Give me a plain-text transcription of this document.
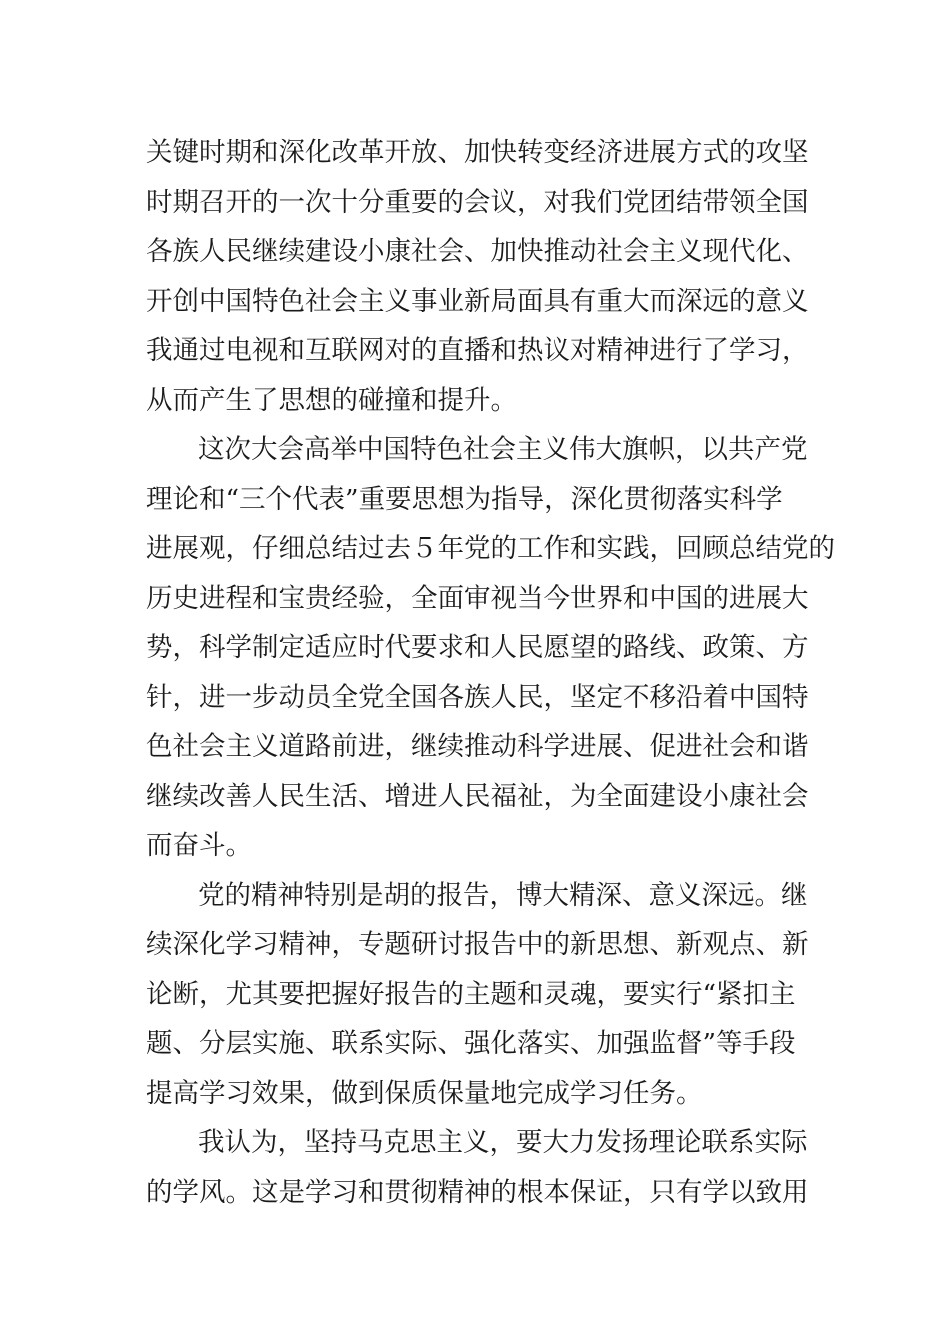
关键时期和深化改革开放、加快转变经济进展方式的攻坚
时期召开的一次十分重要的会议，对我们党团结带领全国
各族人民继续建设小康社会、加快推动社会主义现代化、
开创中国特色社会主义事业新局面具有重大而深远的意义
我通过电视和互联网对的直播和热议对精神进行了学习，
从而产生了思想的碰撞和提升。
这次大会高举中国特色社会主义伟大旗帜，以共产党
理论和“三个代表”重要思想为指导，深化贯彻落实科学
进展观，仔细总结过去５年党的工作和实践，回顾总结党的
历史进程和宝贵经验，全面审视当今世界和中国的进展大
势，科学制定适应时代要求和人民愿望的路线、政策、方
针，进一步动员全党全国各族人民，坚定不移沿着中国特
色社会主义道路前进，继续推动科学进展、促进社会和谐
继续改善人民生活、增进人民福祉，为全面建设小康社会
而奋斗。
党的精神特别是胡的报告，博大精深、意义深远。继
续深化学习精神，专题研讨报告中的新思想、新观点、新
论断，尤其要把握好报告的主题和灵魂，要实行“紧扣主
题、分层实施、联系实际、强化落实、加强监督”等手段
提高学习效果，做到保质保量地完成学习任务。
我认为，坚持马克思主义，要大力发扬理论联系实际
的学风。这是学习和贯彻精神的根本保证，只有学以致用
